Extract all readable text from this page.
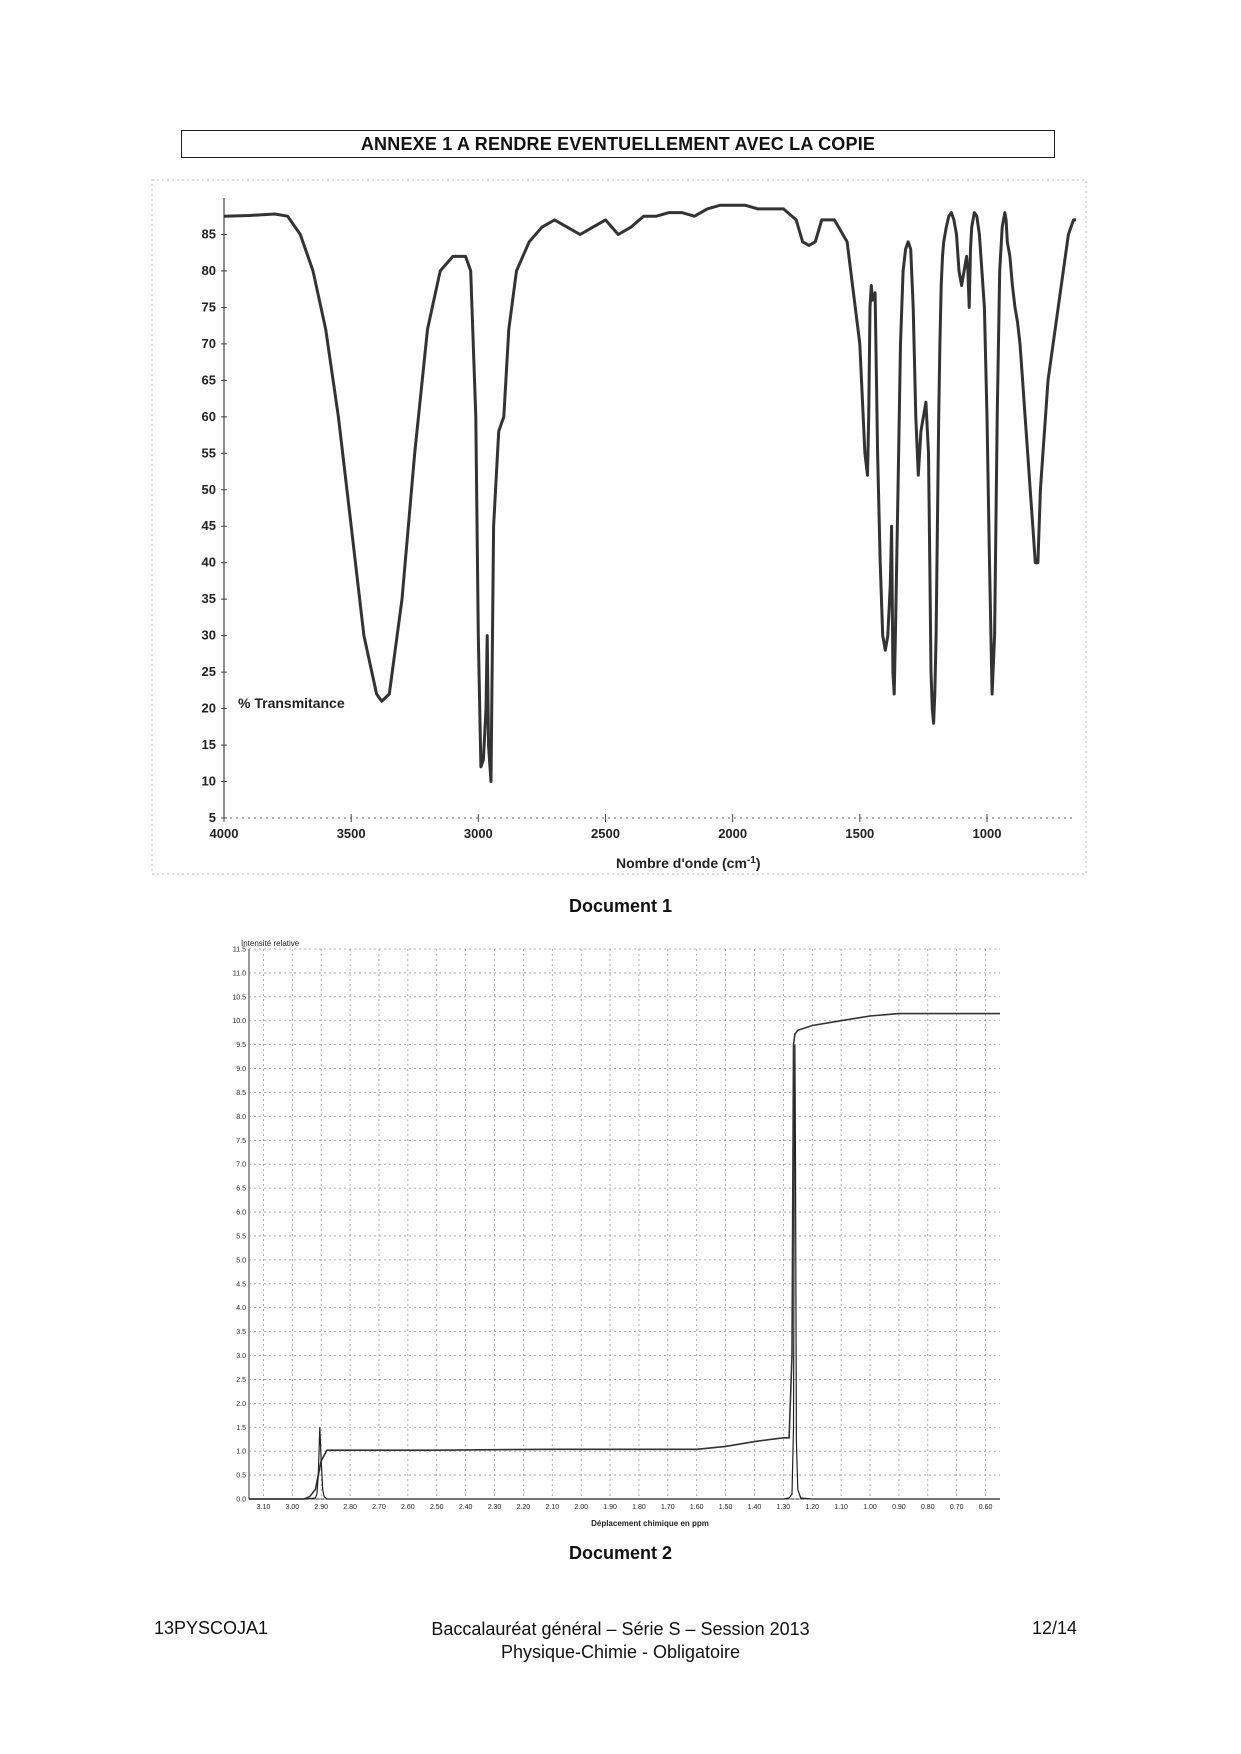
ANNEXE 1 A RENDRE EVENTUELLEMENT AVEC LA COPIE
5
10
15
20
25
30
35
40
45
50
55
60
65
70
75
80
85
4000	3500	3000	2500	2000	1500	1000
% Transmitance
Nombre d'onde $(cm^{-1})$
Document 1
0.0
0.5
1.0
1.5
2.0
2.5
3.0
3.5
4.0
4.5
5.0
5.5
6.0
6.5
7.0
7.5
8.0
8.5
9.0
9.5
10.0
10.5
11.0
11.5
3.10 3.00 2.90 2.80 2.70 2.60 2.50 2.40 2.30 2.20 2.10 2.00 1.90 1.80 1.70 1.60 1.50 1.40 1.30 1.20 1.10 1.00 0.90 0.80 0.70 0.60
Intensité relative
Déplacement chimique en ppm
Document 2
13PYSCOJA1	Baccalauréat général – Série S – Session 2013
Physique-Chimie - Obligatoire
12/14
